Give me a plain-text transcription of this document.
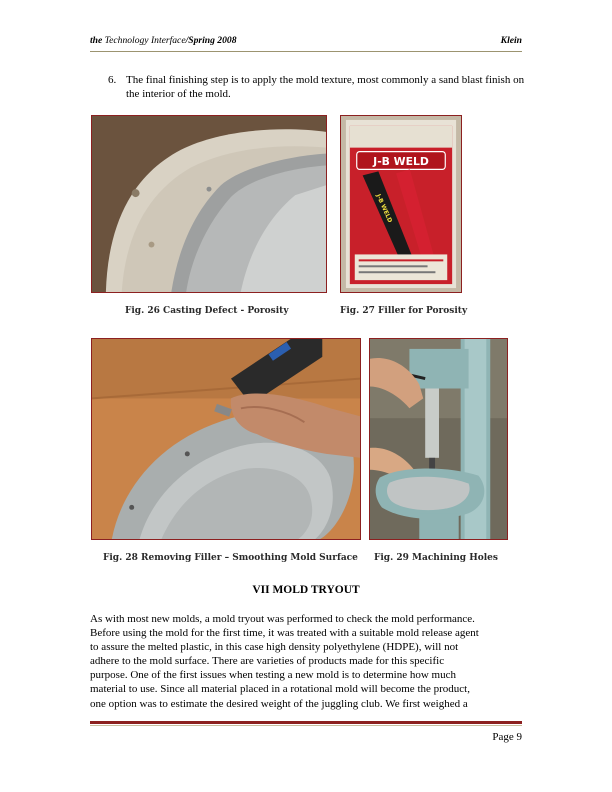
the Technology Interface/Spring 2008	Klein
6. The final finishing step is to apply the mold texture, most commonly a sand blast finish on the interior of the mold.
J-B WELD
J-B WELD
Fig. 26 Casting Defect - Porosity	Fig. 27 Filler for Porosity
Fig. 28 Removing Filler – Smoothing Mold Surface Fig. 29 Machining Holes
VII MOLD TRYOUT
As with most new molds, a mold tryout was performed to check the mold performance.
Before using the mold for the first time, it was treated with a suitable mold release agent
to assure the melted plastic, in this case high density polyethylene (HDPE), will not
adhere to the mold surface. There are varieties of products made for this specific
purpose. One of the first issues when testing a new mold is to determine how much
material to use. Since all material placed in a rotational mold will become the product,
one option was to estimate the desired weight of the juggling club. We first weighed a
Page 9
